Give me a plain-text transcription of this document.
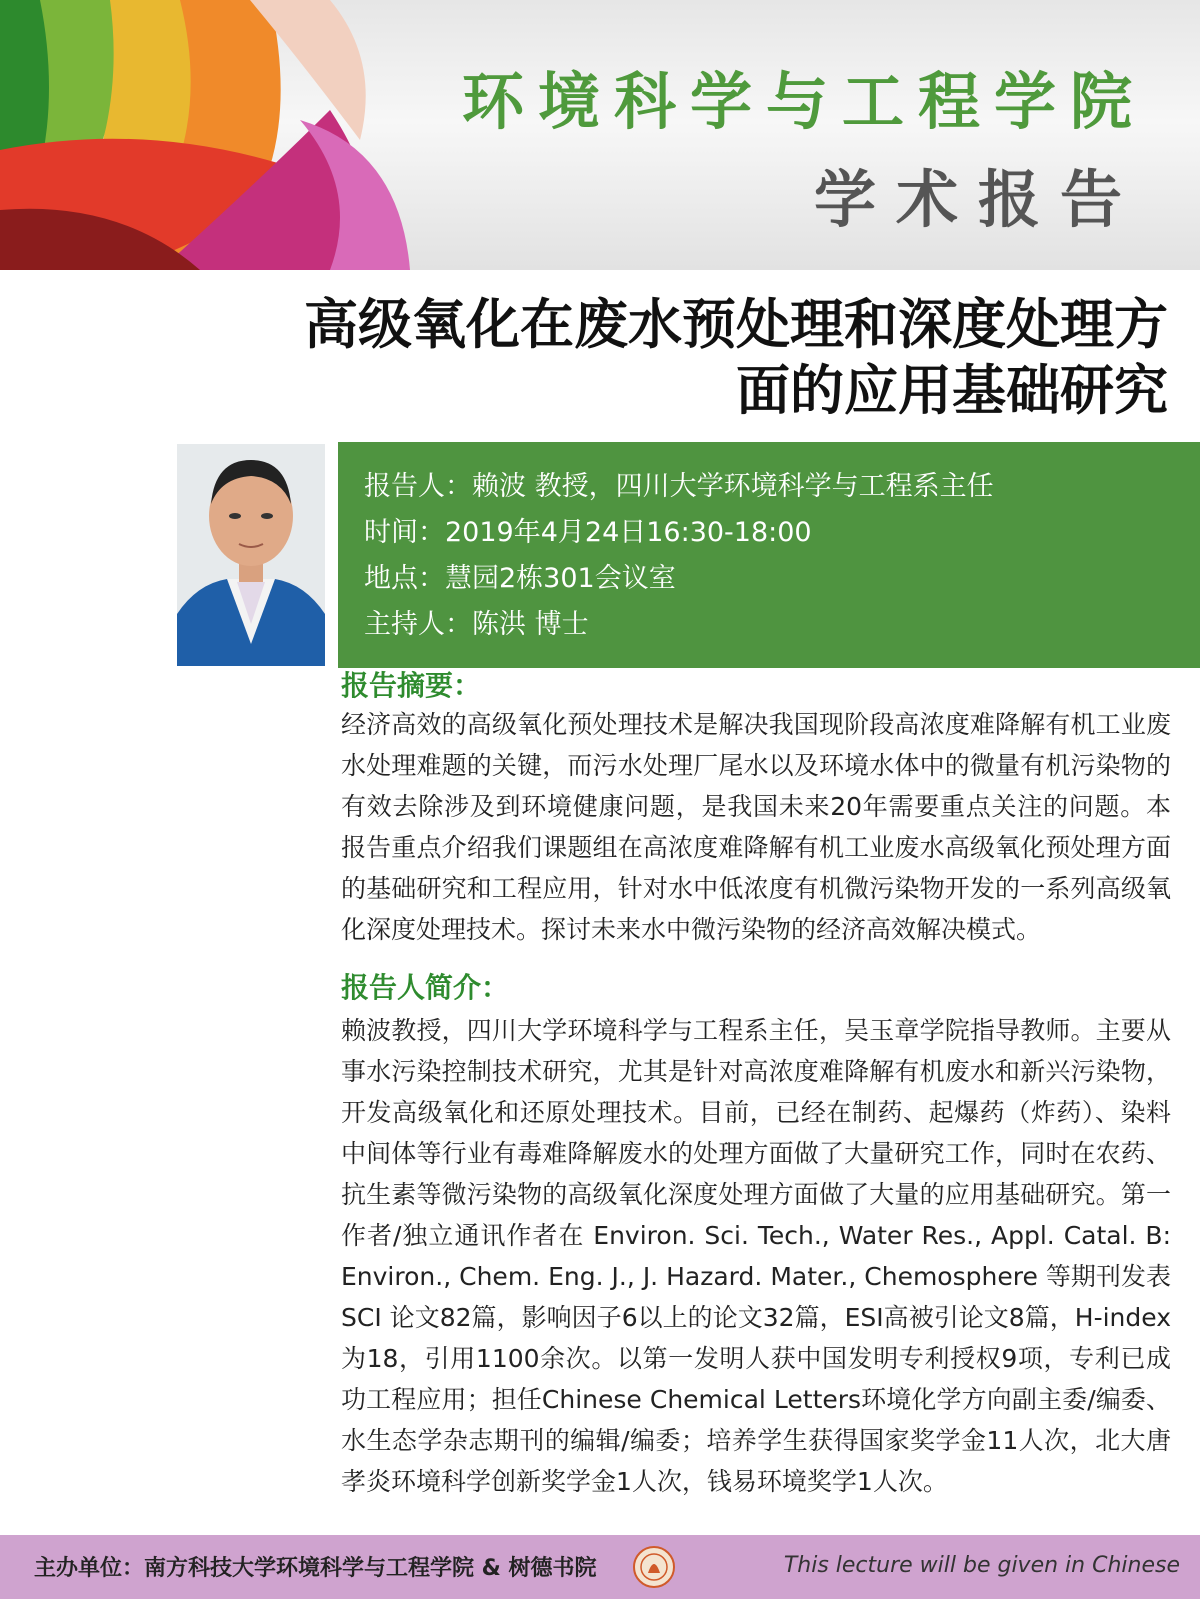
环境科学与工程学院
学术报告
高级氧化在废水预处理和深度处理方面的应用基础研究
报告人：赖波 教授，四川大学环境科学与工程系主任
时间：2019年4月24日16:30-18:00
地点：慧园2栋301会议室
主持人：陈洪 博士
报告摘要：
经济高效的高级氧化预处理技术是解决我国现阶段高浓度难降解有机工业废水处理难题的关键，而污水处理厂尾水以及环境水体中的微量有机污染物的有效去除涉及到环境健康问题，是我国未来20年需要重点关注的问题。本报告重点介绍我们课题组在高浓度难降解有机工业废水高级氧化预处理方面的基础研究和工程应用，针对水中低浓度有机微污染物开发的一系列高级氧化深度处理技术。探讨未来水中微污染物的经济高效解决模式。
报告人简介：
赖波教授，四川大学环境科学与工程系主任，吴玉章学院指导教师。主要从事水污染控制技术研究，尤其是针对高浓度难降解有机废水和新兴污染物，开发高级氧化和还原处理技术。目前，已经在制药、起爆药（炸药）、染料中间体等行业有毒难降解废水的处理方面做了大量研究工作，同时在农药、抗生素等微污染物的高级氧化深度处理方面做了大量的应用基础研究。第一作者/独立通讯作者在 Environ. Sci. Tech., Water Res., Appl. Catal. B: Environ., Chem. Eng. J., J. Hazard. Mater., Chemosphere 等期刊发表 SCI 论文82篇，影响因子6以上的论文32篇，ESI高被引论文8篇，H-index为18，引用1100余次。以第一发明人获中国发明专利授权9项，专利已成功工程应用；担任Chinese Chemical Letters环境化学方向副主委/编委、水生态学杂志期刊的编辑/编委；培养学生获得国家奖学金11人次，北大唐孝炎环境科学创新奖学金1人次，钱易环境奖学1人次。
主办单位：南方科技大学环境科学与工程学院 & 树德书院	This lecture will be given in Chinese
